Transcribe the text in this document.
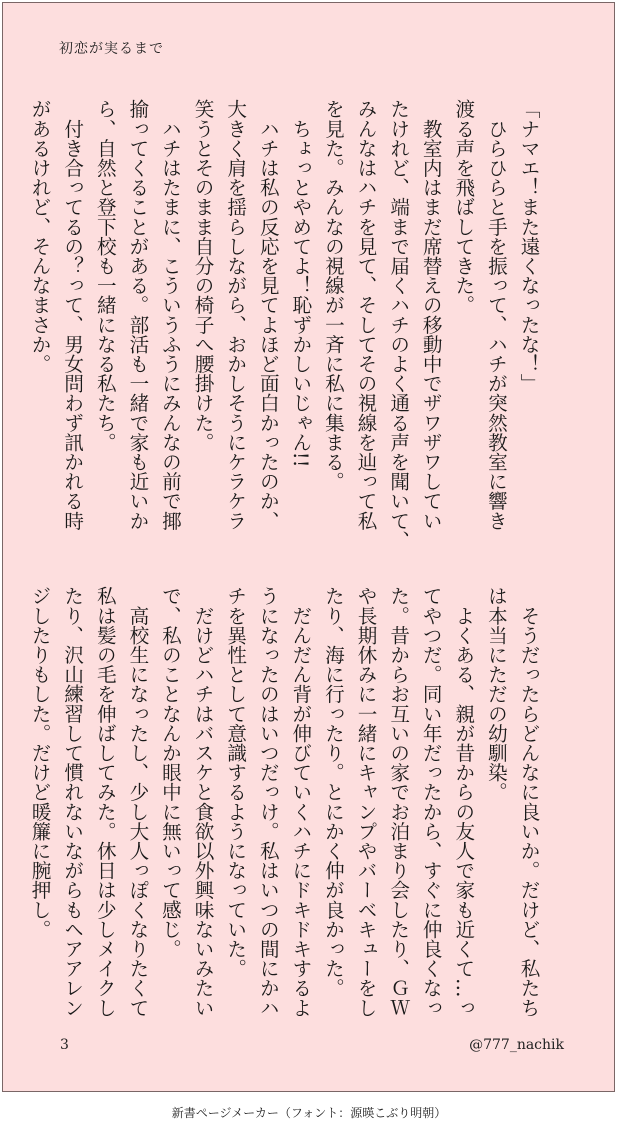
初恋が実るまで
「ナマエ！また遠くなったな！」
　ひらひらと手を振って、ハチが突然教室に響き
渡る声を飛ばしてきた。
　教室内はまだ席替えの移動中でザワザワしてい
たけれど、端まで届くハチのよく通る声を聞いて、
みんなはハチを見て、そしてその視線を辿って私
を見た。みんなの視線が一斉に私に集まる。
　ちょっとやめてよ！恥ずかしいじゃん!!
　ハチは私の反応を見てよほど面白かったのか、
大きく肩を揺らしながら、おかしそうにケラケラ
笑うとそのまま自分の椅子へ腰掛けた。
　ハチはたまに、こういうふうにみんなの前で揶
揄ってくることがある。部活も一緒で家も近いか
ら、自然と登下校も一緒になる私たち。
　付き合ってるの？って、男女問わず訊かれる時
があるけれど、そんなまさか。
　そうだったらどんなに良いか。だけど、私たち
は本当にただの幼馴染。
　よくある、親が昔からの友人で家も近くて…っ
てやつだ。同い年だったから、すぐに仲良くなっ
た。昔からお互いの家でお泊まり会したり、ＧＷ
や長期休みに一緒にキャンプやバーベキューをし
たり、海に行ったり。とにかく仲が良かった。
　だんだん背が伸びていくハチにドキドキするよ
うになったのはいつだっけ。私はいつの間にかハ
チを異性として意識するようになっていた。
　だけどハチはバスケと食欲以外興味ないみたい
で、私のことなんか眼中に無いって感じ。
　高校生になったし、少し大人っぽくなりたくて
私は髪の毛を伸ばしてみた。休日は少しメイクし
たり、沢山練習して慣れないながらもヘアアレン
ジしたりもした。だけど暖簾に腕押し。
3	@777_nachik
新書ページメーカー（フォント：源暎こぶり明朝）
